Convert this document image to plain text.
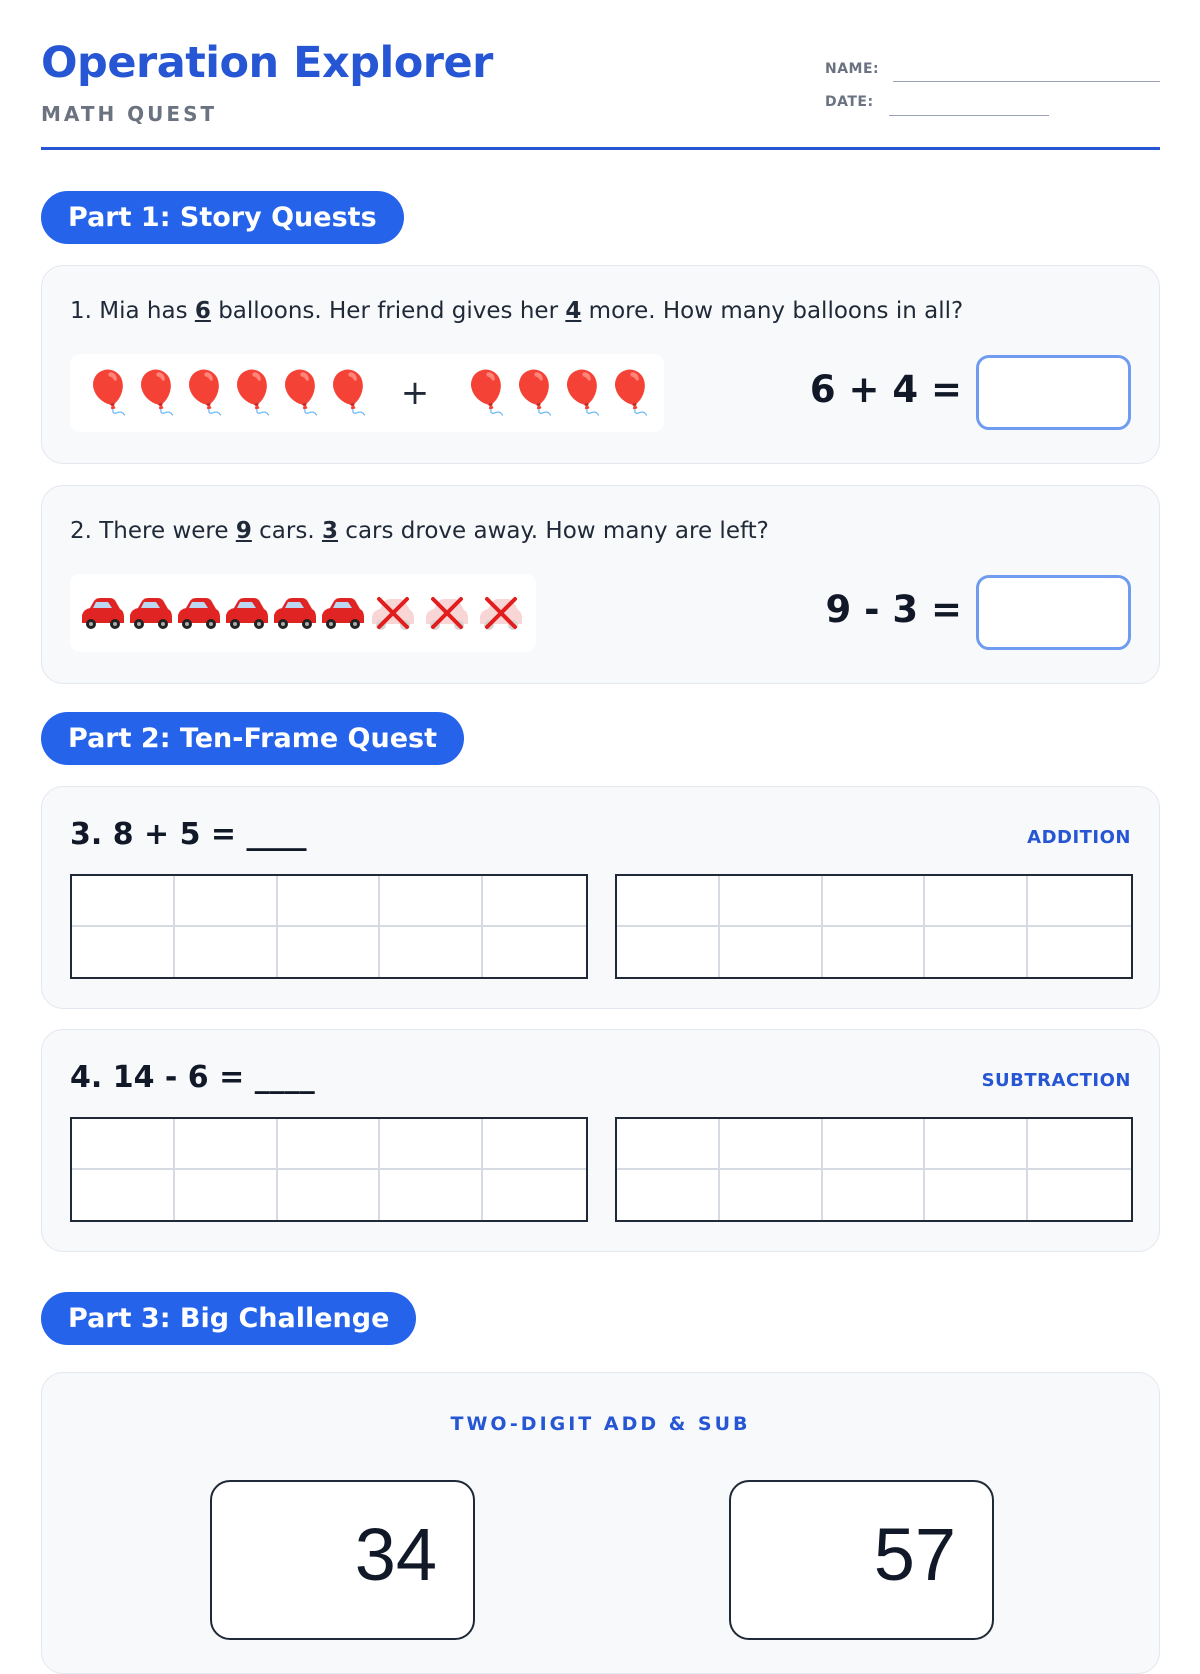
Operation Explorer
MATH QUEST
NAME:
DATE:
Part 1: Story Quests
1. Mia has 6 balloons. Her friend gives her 4 more. How many balloons in all?
🎈
🎈
🎈
🎈
🎈
🎈 + 🎈
🎈
🎈
🎈	6 + 4 =
2. There were 9 cars. 3 cars drove away. How many are left?
9 - 3 =
Part 2: Ten-Frame Quest
3. 8 + 5 = ____	ADDITION
4. 14 - 6 = ____	SUBTRACTION
Part 3: Big Challenge
TWO-DIGIT ADD & SUB
34	57
